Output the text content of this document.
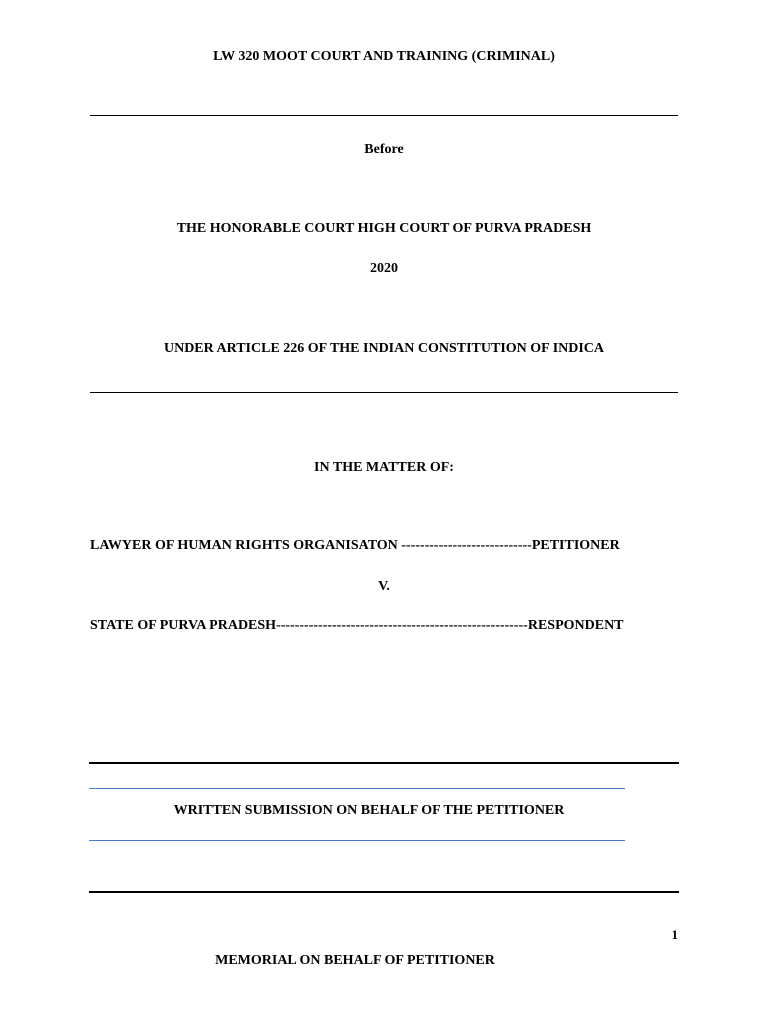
LW 320 MOOT COURT AND TRAINING (CRIMINAL)
Before
THE HONORABLE COURT HIGH COURT OF PURVA PRADESH
2020
UNDER ARTICLE 226 OF THE INDIAN CONSTITUTION OF INDICA
IN THE MATTER OF:
LAWYER OF HUMAN RIGHTS ORGANISATON ----------------------------PETITIONER
V.
STATE OF PURVA PRADESH------------------------------------------------------RESPONDENT
WRITTEN SUBMISSION ON BEHALF OF THE PETITIONER
1
MEMORIAL ON BEHALF OF PETITIONER
